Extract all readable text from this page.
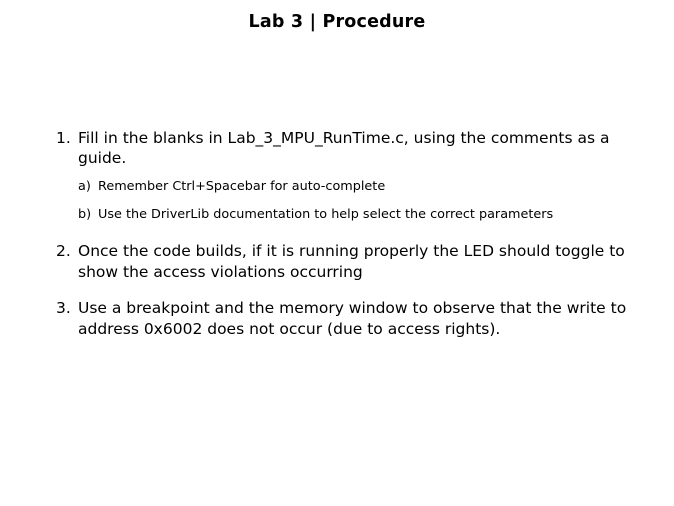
Lab 3 | Procedure
1. Fill in the blanks in Lab_3_MPU_RunTime.c, using the comments as a guide.
a) Remember Ctrl+Spacebar for auto-complete
b) Use the DriverLib documentation to help select the correct parameters
2. Once the code builds, if it is running properly the LED should toggle to show the access violations occurring
3. Use a breakpoint and the memory window to observe that the write to address 0x6002 does not occur (due to access rights).
